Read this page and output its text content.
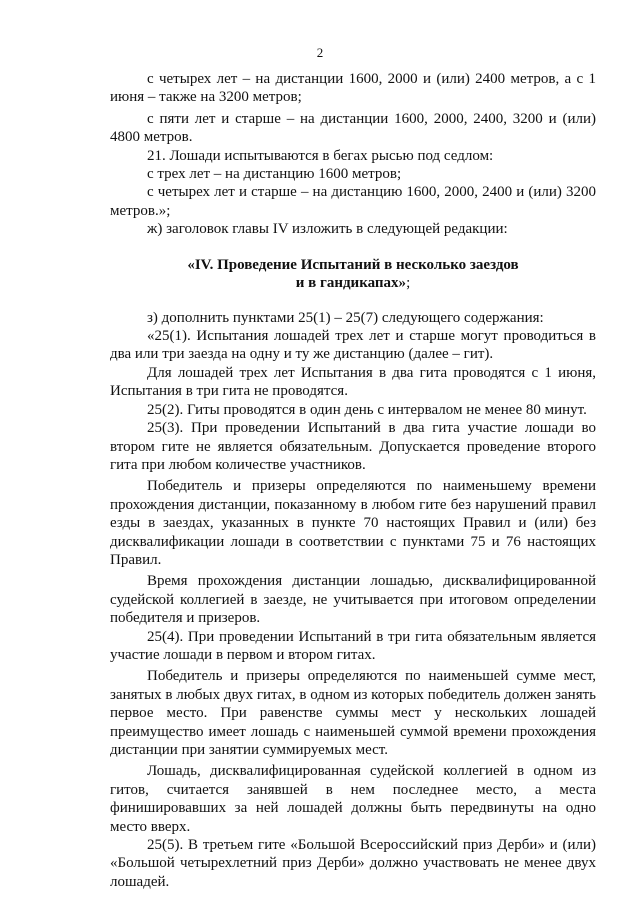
2

с четырех лет – на дистанции 1600, 2000 и (или) 2400 метров, а с 1 июня – также на 3200 метров;

с пяти лет и старше – на дистанции 1600, 2000, 2400, 3200 и (или) 4800 метров.

21. Лошади испытываются в бегах рысью под седлом:

с трех лет – на дистанцию 1600 метров;

с четырех лет и старше – на дистанцию 1600, 2000, 2400 и (или) 3200 метров.»;

ж) заголовок главы IV изложить в следующей редакции:

«IV. Проведение Испытаний в несколько заездов
и в гандикапах»;

з) дополнить пунктами 25(1) – 25(7) следующего содержания:

«25(1). Испытания лошадей трех лет и старше могут проводиться в два или три заезда на одну и ту же дистанцию (далее – гит).

Для лошадей трех лет Испытания в два гита проводятся с 1 июня, Испытания в три гита не проводятся.

25(2). Гиты проводятся в один день с интервалом не менее 80 минут.

25(3). При проведении Испытаний в два гита участие лошади во втором гите не является обязательным. Допускается проведение второго гита при любом количестве участников.

Победитель и призеры определяются по наименьшему времени прохождения дистанции, показанному в любом гите без нарушений правил езды в заездах, указанных в пункте 70 настоящих Правил и (или) без дисквалификации лошади в соответствии с пунктами 75 и 76 настоящих Правил.

Время прохождения дистанции лошадью, дисквалифицированной судейской коллегией в заезде, не учитывается при итоговом определении победителя и призеров.

25(4). При проведении Испытаний в три гита обязательным является участие лошади в первом и втором гитах.

Победитель и призеры определяются по наименьшей сумме мест, занятых в любых двух гитах, в одном из которых победитель должен занять первое место. При равенстве суммы мест у нескольких лошадей преимущество имеет лошадь с наименьшей суммой времени прохождения дистанции при занятии суммируемых мест.

Лошадь, дисквалифицированная судейской коллегией в одном из гитов, считается занявшей в нем последнее место, а места финишировавших за ней лошадей должны быть передвинуты на одно место вверх.

25(5). В третьем гите «Большой Всероссийский приз Дерби» и (или) «Большой четырехлетний приз Дерби» должно участвовать не менее двух лошадей.
